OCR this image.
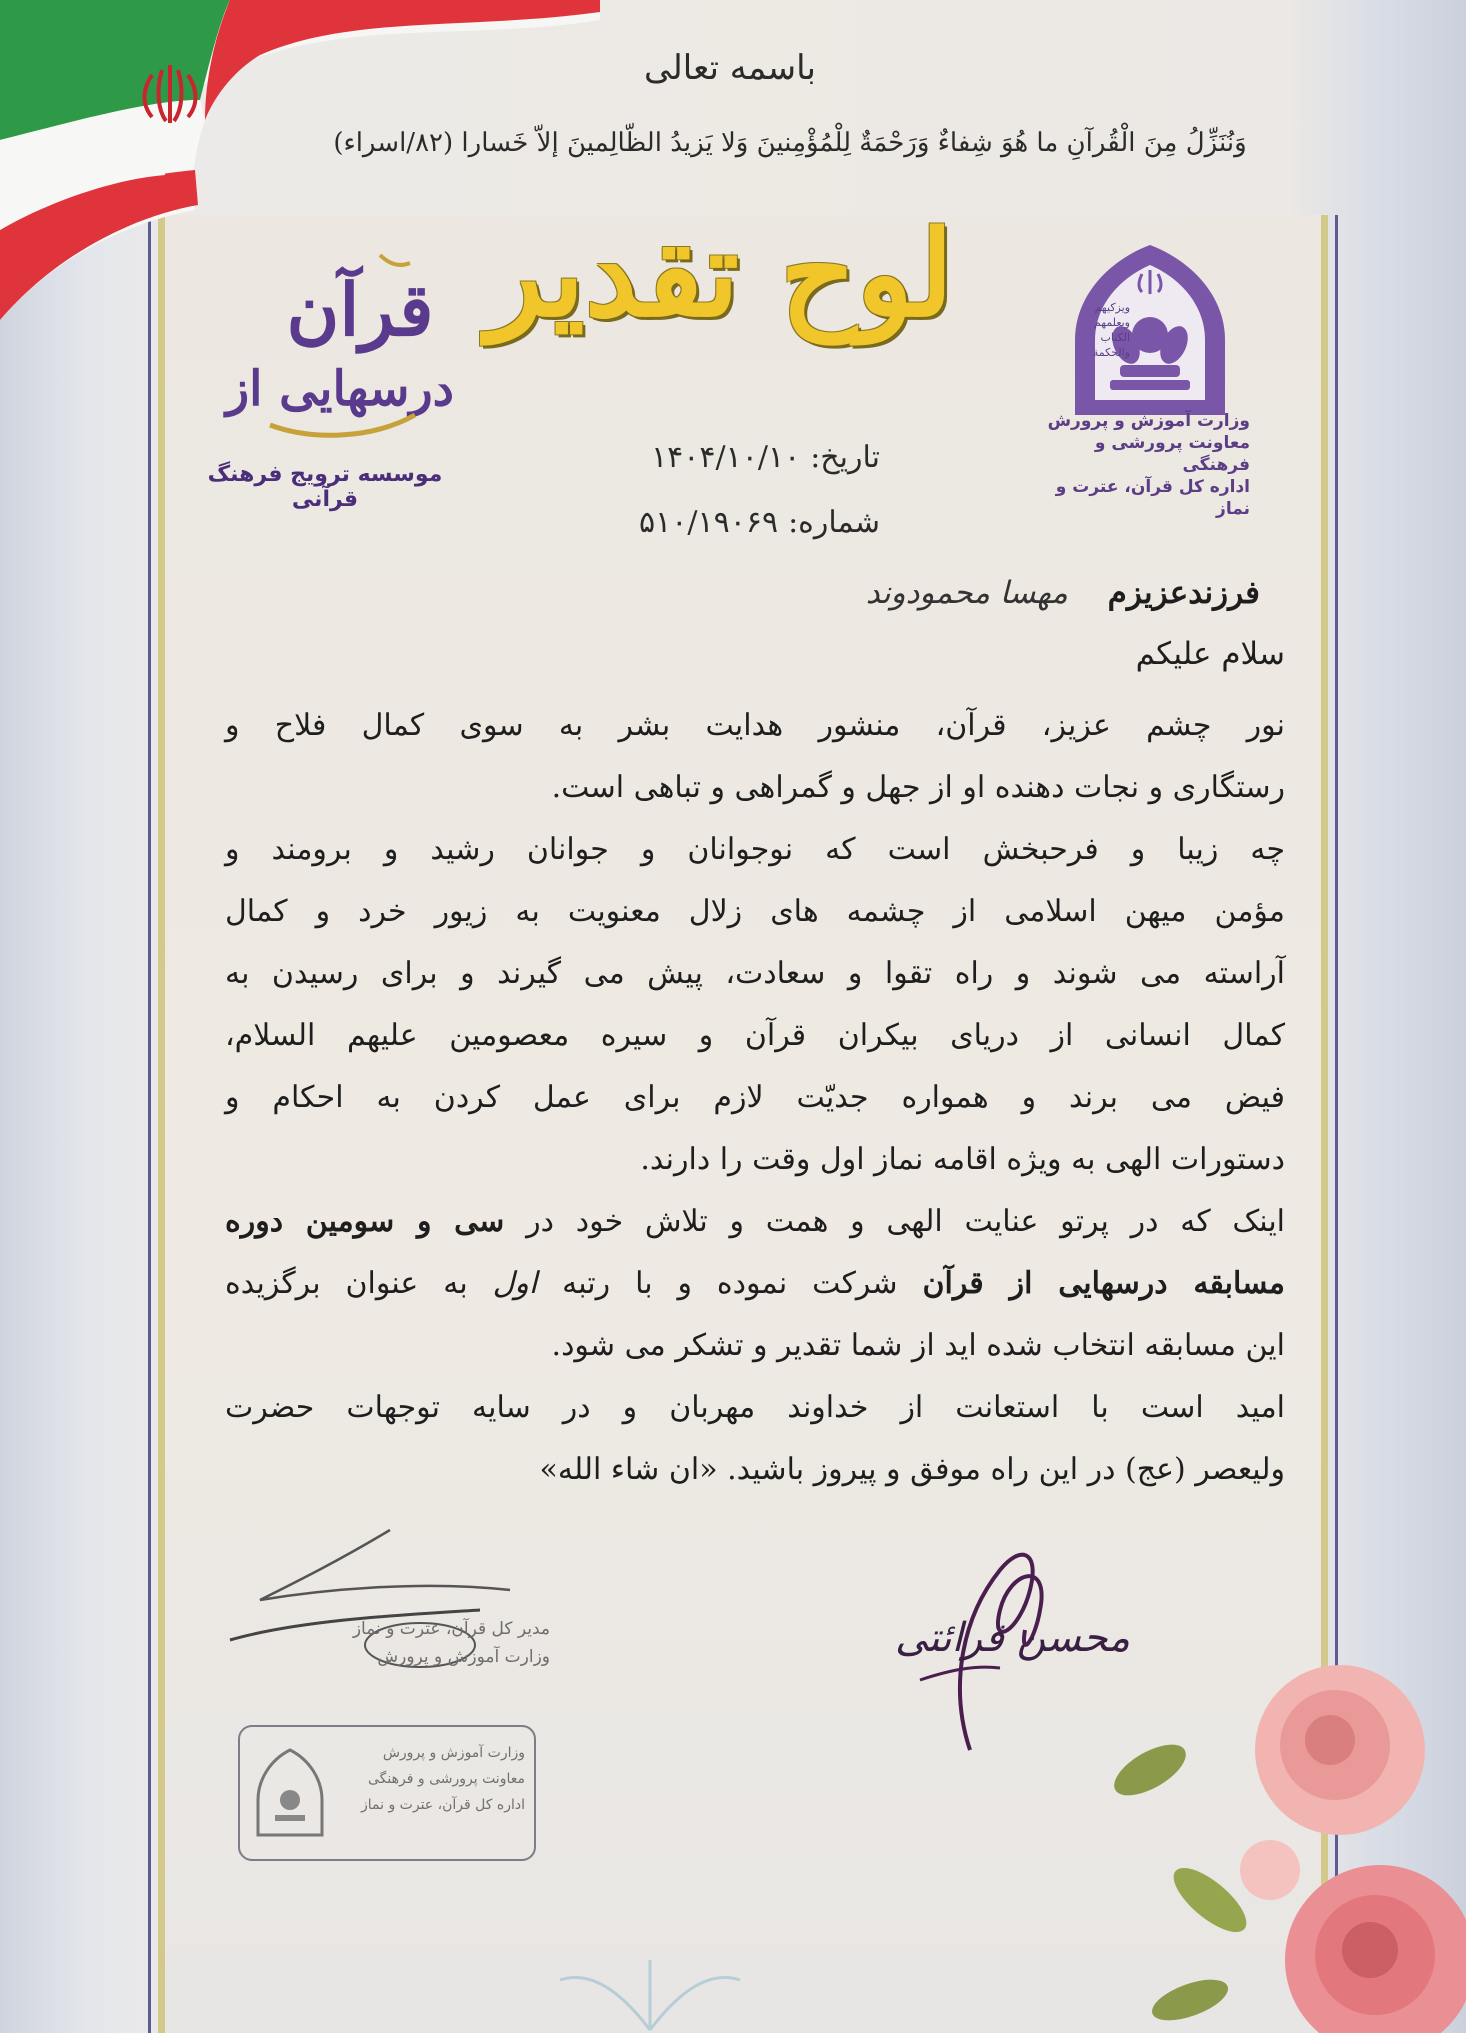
باسمه تعالی
وَنُنَزِّلُ مِنَ الْقُرآنِ ما هُوَ شِفاءٌ وَرَحْمَةٌ لِلْمُؤْمِنينَ وَلا يَزيدُ الظّالِمينَ إلاّ خَسارا (۸۲/اسراء)
لوح تقدیر	ویزکیهم
ویعلمهم
الکتاب
والحکمة
وزارت آموزش و پرورش
معاونت پرورشی و فرهنگی
اداره کل قرآن، عترت و نماز
قرآن
درسهایی از
موسسه ترویج فرهنگ قرآنی
تاریخ:۱۴۰۴/۱۰/۱۰
شماره:۵۱۰/۱۹۰۶۹
فرزندعزیزم مهسا محمودوند
سلام علیکم
نور چشم عزیز، قرآن، منشور هدایت بشر به سوی کمال فلاح و
رستگاری و نجات دهنده او از جهل و گمراهی و تباهی است.
چه زیبا و فرحبخش است که نوجوانان و جوانان رشید و برومند و
مؤمن میهن اسلامی از چشمه های زلال معنویت به زیور خرد و کمال
آراسته می شوند و راه تقوا و سعادت، پیش می گیرند و برای رسیدن به
کمال انسانی از دریای بیکران قرآن و سیره معصومین علیهم السلام،
فیض می برند و همواره جدیّت لازم برای عمل کردن به احکام و
دستورات الهی به ویژه اقامه نماز اول وقت را دارند.
اینک که در پرتو عنایت الهی و همت و تلاش خود در سی و سومین دوره
مسابقه درسهایی از قرآن شرکت نموده و با رتبه اول به عنوان برگزیده
این مسابقه انتخاب شده اید از شما تقدیر و تشکر می شود.
امید است با استعانت از خداوند مهربان و در سایه توجهات حضرت
ولیعصر (عج) در این راه موفق و پیروز باشید. «ان شاء الله»
محسن قرائتی
مدیر کل قرآن، عترت و نماز
وزارت آموزش و پرورش
وزارت آموزش و پرورش
معاونت پرورشی و فرهنگی
اداره کل قرآن، عترت و نماز
